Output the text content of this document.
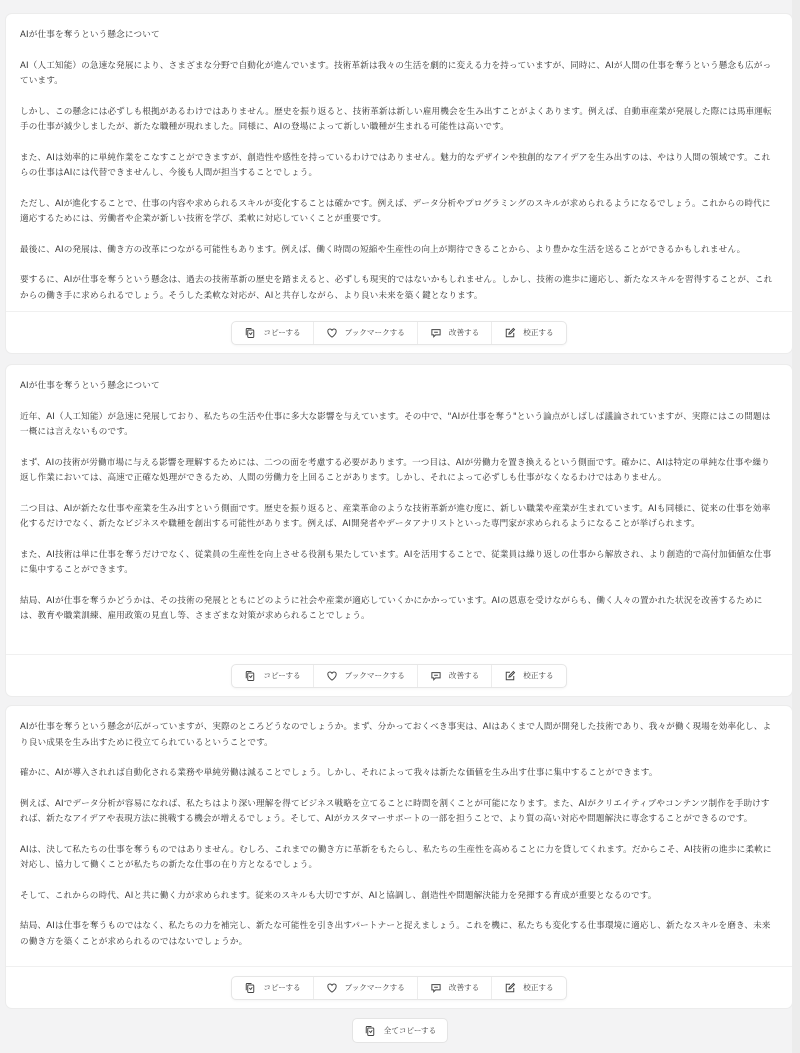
AIが仕事を奪うという懸念について

AI（人工知能）の急速な発展により、さまざまな分野で自動化が進んでいます。技術革新は我々の生活を劇的に変える力を持っていますが、同時に、AIが人間の仕事を奪うという懸念も広がっています。

しかし、この懸念には必ずしも根拠があるわけではありません。歴史を振り返ると、技術革新は新しい雇用機会を生み出すことがよくあります。例えば、自動車産業が発展した際には馬車運転手の仕事が減少しましたが、新たな職種が現れました。同様に、AIの登場によって新しい職種が生まれる可能性は高いです。

また、AIは効率的に単純作業をこなすことができますが、創造性や感性を持っているわけではありません。魅力的なデザインや独創的なアイデアを生み出すのは、やはり人間の領域です。これらの仕事はAIには代替できませんし、今後も人間が担当することでしょう。

ただし、AIが進化することで、仕事の内容や求められるスキルが変化することは確かです。例えば、データ分析やプログラミングのスキルが求められるようになるでしょう。これからの時代に適応するためには、労働者や企業が新しい技術を学び、柔軟に対応していくことが重要です。

最後に、AIの発展は、働き方の改革につながる可能性もあります。例えば、働く時間の短縮や生産性の向上が期待できることから、より豊かな生活を送ることができるかもしれません。

要するに、AIが仕事を奪うという懸念は、過去の技術革新の歴史を踏まえると、必ずしも現実的ではないかもしれません。しかし、技術の進歩に適応し、新たなスキルを習得することが、これからの働き手に求められるでしょう。そうした柔軟な対応が、AIと共存しながら、より良い未来を築く鍵となります。

コピーする	ブックマークする	改善する	校正する

AIが仕事を奪うという懸念について

近年、AI（人工知能）が急速に発展しており、私たちの生活や仕事に多大な影響を与えています。その中で、"AIが仕事を奪う"という論点がしばしば議論されていますが、実際にはこの問題は一概には言えないものです。

まず、AIの技術が労働市場に与える影響を理解するためには、二つの面を考慮する必要があります。一つ目は、AIが労働力を置き換えるという側面です。確かに、AIは特定の単純な仕事や繰り返し作業においては、高速で正確な処理ができるため、人間の労働力を上回ることがあります。しかし、それによって必ずしも仕事がなくなるわけではありません。

二つ目は、AIが新たな仕事や産業を生み出すという側面です。歴史を振り返ると、産業革命のような技術革新が進む度に、新しい職業や産業が生まれています。AIも同様に、従来の仕事を効率化するだけでなく、新たなビジネスや職種を創出する可能性があります。例えば、AI開発者やデータアナリストといった専門家が求められるようになることが挙げられます。

また、AI技術は単に仕事を奪うだけでなく、従業員の生産性を向上させる役割も果たしています。AIを活用することで、従業員は繰り返しの仕事から解放され、より創造的で高付加価値な仕事に集中することができます。

結局、AIが仕事を奪うかどうかは、その技術の発展とともにどのように社会や産業が適応していくかにかかっています。AIの恩恵を受けながらも、働く人々の置かれた状況を改善するためには、教育や職業訓練、雇用政策の見直し等、さまざまな対策が求められることでしょう。

コピーする	ブックマークする	改善する	校正する

AIが仕事を奪うという懸念が広がっていますが、実際のところどうなのでしょうか。まず、分かっておくべき事実は、AIはあくまで人間が開発した技術であり、我々が働く現場を効率化し、より良い成果を生み出すために役立てられているということです。

確かに、AIが導入されれば自動化される業務や単純労働は減ることでしょう。しかし、それによって我々は新たな価値を生み出す仕事に集中することができます。

例えば、AIでデータ分析が容易になれば、私たちはより深い理解を得てビジネス戦略を立てることに時間を割くことが可能になります。また、AIがクリエイティブやコンテンツ制作を手助けすれば、新たなアイデアや表現方法に挑戦する機会が増えるでしょう。そして、AIがカスタマーサポートの一部を担うことで、より質の高い対応や問題解決に専念することができるのです。

AIは、決して私たちの仕事を奪うものではありません。むしろ、これまでの働き方に革新をもたらし、私たちの生産性を高めることに力を貸してくれます。だからこそ、AI技術の進歩に柔軟に対応し、協力して働くことが私たちの新たな仕事の在り方となるでしょう。

そして、これからの時代、AIと共に働く力が求められます。従来のスキルも大切ですが、AIと協調し、創造性や問題解決能力を発揮する育成が重要となるのです。

結局、AIは仕事を奪うものではなく、私たちの力を補完し、新たな可能性を引き出すパートナーと捉えましょう。これを機に、私たちも変化する仕事環境に適応し、新たなスキルを磨き、未来の働き方を築くことが求められるのではないでしょうか。

コピーする	ブックマークする	改善する	校正する
全てコピーする
